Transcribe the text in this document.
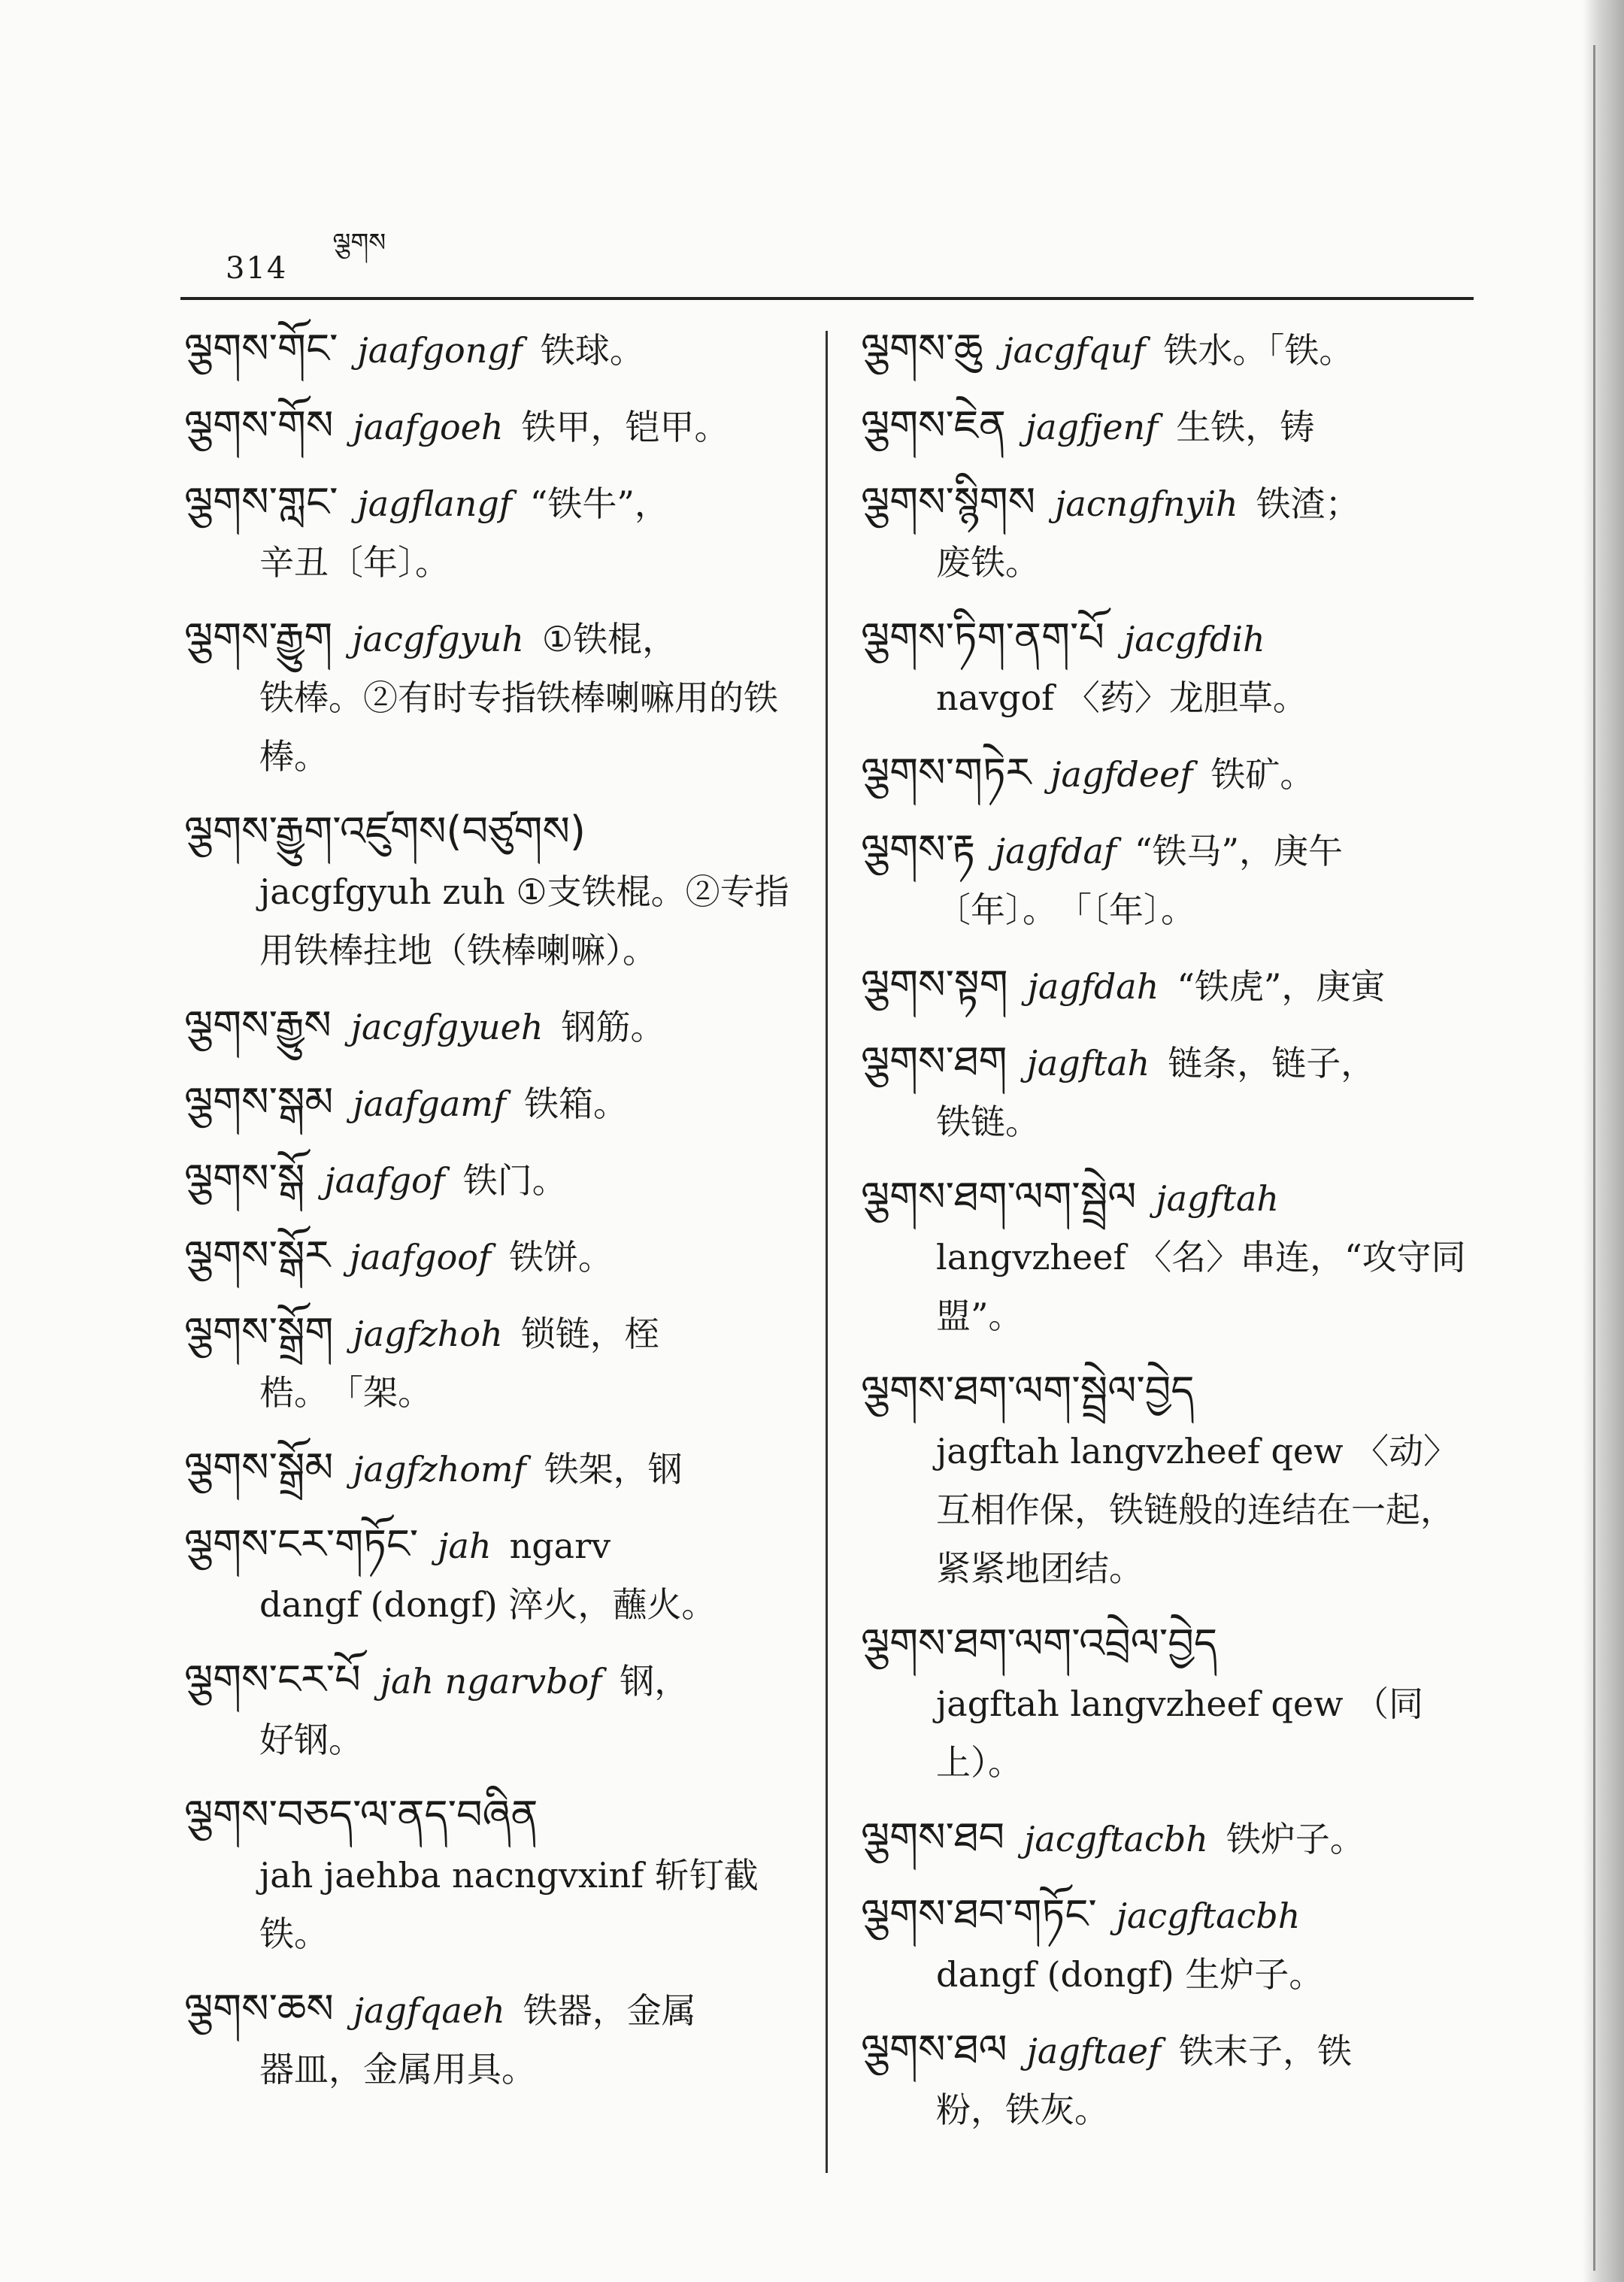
314
ལྕགས
ལྕགས་གོང་ jaafgongf 铁球。
ལྕགས་གོས jaafgoeh 铁甲，铠甲。
ལྕགས་གླང་ jagflangf “铁牛”，
辛丑〔年〕。
ལྕགས་རྒྱུག jacgfgyuh ①铁棍，
铁棒。②有时专指铁棒喇嘛用的铁棒。
ལྕགས་རྒྱུག་འཛུགས(བཙུགས)
jacgfgyuh zuh ①支铁棍。②专指用铁棒拄地（铁棒喇嘛）。
ལྕགས་རྒྱུས jacgfgyueh 钢筋。
ལྕགས་སྒམ jaafgamf 铁箱。
ལྕགས་སྒོ jaafgof 铁门。
ལྕགས་སྒོར jaafgoof 铁饼。
ལྕགས་སྒྲོག jagfzhoh 锁链，桎
梏。　「架。
ལྕགས་སྒྲོམ jagfzhomf 铁架，钢
ལྕགས་ངར་གཏོང་ jah ngarv
dangf (dongf) 淬火，蘸火。
ལྕགས་ངར་པོ jah ngarvbof 钢，
好钢。
ལྕགས་བཅད་ལ་ནད་བཞིན
jah jaehba nacngvxinf 斩钉截铁。
ལྕགས་ཆས jagfqaeh 铁器，金属
器皿，金属用具。
ལྕགས་ཆུ jacgfquf 铁水。「铁。
ལྕགས་ཇེན jagfjenf 生铁，铸
ལྕགས་སྙིགས jacngfnyih 铁渣；
废铁。
ལྕགས་ཏིག་ནག་པོ jacgfdih
navgof 〈药〉龙胆草。
ལྕགས་གཏེར jagfdeef 铁矿。
ལྕགས་རྟ jagfdaf “铁马”，庚午
〔年〕。　「〔年〕。
ལྕགས་སྟག jagfdah “铁虎”，庚寅
ལྕགས་ཐག jagftah 链条，链子，
铁链。
ལྕགས་ཐག་ལག་སྦྲེལ jagftah
langvzheef 〈名〉串连，“攻守同盟”。
ལྕགས་ཐག་ལག་སྦྲེལ་བྱེད
jagftah langvzheef qew 〈动〉互相作保，铁链般的连结在一起，紧紧地团结。
ལྕགས་ཐག་ལག་འབྲེལ་བྱེད
jagftah langvzheef qew （同上）。
ལྕགས་ཐབ jacgftacbh 铁炉子。
ལྕགས་ཐབ་གཏོང་ jacgftacbh
dangf (dongf) 生炉子。
ལྕགས་ཐལ jagftaef 铁末子，铁
粉，铁灰。
